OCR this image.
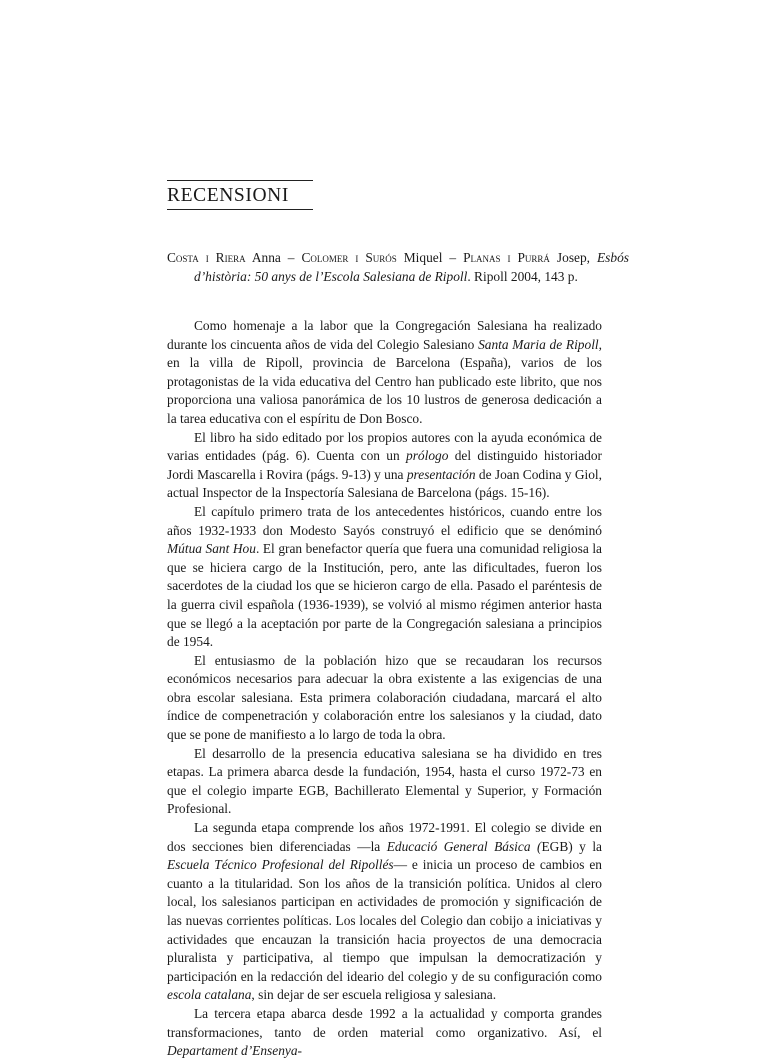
RECENSIONI

Costa i Riera Anna – Colomer i Surós Miquel – Planas i Purrá Josep, Esbós d’història: 50 anys de l’Escola Salesiana de Ripoll. Ripoll 2004, 143 p.

Como homenaje a la labor que la Congregación Salesiana ha realizado durante los cincuenta años de vida del Colegio Salesiano Santa Maria de Ripoll, en la villa de Ripoll, provincia de Barcelona (España), varios de los protagonistas de la vida educativa del Centro han publicado este librito, que nos proporciona una valiosa panorámica de los 10 lustros de generosa dedicación a la tarea educativa con el espíritu de Don Bosco.

El libro ha sido editado por los propios autores con la ayuda económica de varias entidades (pág. 6). Cuenta con un prólogo del distinguido historiador Jordi Mascarella i Rovira (págs. 9-13) y una presentación de Joan Codina y Giol, actual Inspector de la Inspectoría Salesiana de Barcelona (págs. 15-16).

El capítulo primero trata de los antecedentes históricos, cuando entre los años 1932-1933 don Modesto Sayós construyó el edificio que se denóminó Mútua Sant Hou. El gran benefactor quería que fuera una comunidad religiosa la que se hiciera cargo de la Institución, pero, ante las dificultades, fueron los sacerdotes de la ciudad los que se hicieron cargo de ella. Pasado el paréntesis de la guerra civil española (1936-1939), se volvió al mismo régimen anterior hasta que se llegó a la aceptación por parte de la Congregación salesiana a principios de 1954.

El entusiasmo de la población hizo que se recaudaran los recursos económicos necesarios para adecuar la obra existente a las exigencias de una obra escolar salesiana. Esta primera colaboración ciudadana, marcará el alto índice de compenetración y colaboración entre los salesianos y la ciudad, dato que se pone de manifiesto a lo largo de toda la obra.

El desarrollo de la presencia educativa salesiana se ha dividido en tres etapas. La primera abarca desde la fundación, 1954, hasta el curso 1972-73 en que el colegio imparte EGB, Bachillerato Elemental y Superior, y Formación Profesional.

La segunda etapa comprende los años 1972-1991. El colegio se divide en dos secciones bien diferenciadas —la Educació General Básica (EGB) y la Escuela Técnico Profesional del Ripollés— e inicia un proceso de cambios en cuanto a la titularidad. Son los años de la transición política. Unidos al clero local, los salesianos participan en actividades de promoción y significación de las nuevas corrientes políticas. Los locales del Colegio dan cobijo a iniciativas y actividades que encauzan la transición hacia proyectos de una democracia pluralista y participativa, al tiempo que impulsan la democratización y participación en la redacción del ideario del colegio y de su configuración como escola catalana, sin dejar de ser escuela religiosa y salesiana.

La tercera etapa abarca desde 1992 a la actualidad y comporta grandes transformaciones, tanto de orden material como organizativo. Así, el Departament d’Ensenya-
